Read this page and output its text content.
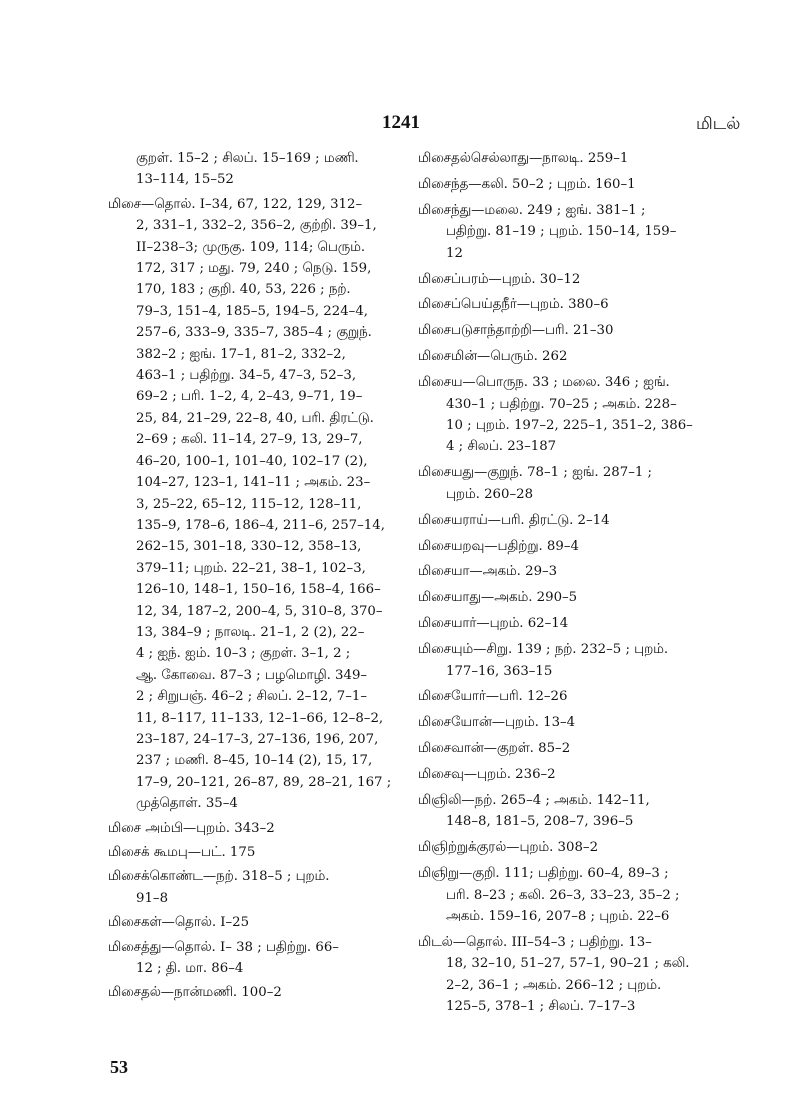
1241	மிடல்
குறள். 15–2 ; சிலப். 15–169 ; மணி.
13–114, 15–52
மிசை—தொல். I–34, 67, 122, 129, 312–
2, 331–1, 332–2, 356–2, குற்றி. 39–1,
II–238–3; முருகு. 109, 114; பெரும்.
172, 317 ; மது. 79, 240 ; நெடு. 159,
170, 183 ; குறி. 40, 53, 226 ; நற்.
79–3, 151–4, 185–5, 194–5, 224–4,
257–6, 333–9, 335–7, 385–4 ; குறுந்.
382–2 ; ஐங். 17–1, 81–2, 332–2,
463–1 ; பதிற்று. 34–5, 47–3, 52–3,
69–2 ; பரி. 1–2, 4, 2–43, 9–71, 19–
25, 84, 21–29, 22–8, 40, பரி. திரட்டு.
2–69 ; கலி. 11–14, 27–9, 13, 29–7,
46–20, 100–1, 101–40, 102–17 (2),
104–27, 123–1, 141–11 ; அகம். 23–
3, 25–22, 65–12, 115–12, 128–11,
135–9, 178–6, 186–4, 211–6, 257–14,
262–15, 301–18, 330–12, 358–13,
379–11; புறம். 22–21, 38–1, 102–3,
126–10, 148–1, 150–16, 158–4, 166–
12, 34, 187–2, 200–4, 5, 310–8, 370–
13, 384–9 ; நாலடி. 21–1, 2 (2), 22–
4 ; ஐந். ஐம். 10–3 ; குறள். 3–1, 2 ;
ஆ. கோவை. 87–3 ; பழமொழி. 349–
2 ; சிறுபஞ். 46–2 ; சிலப். 2–12, 7–1–
11, 8–117, 11–133, 12–1–66, 12–8–2,
23–187, 24–17–3, 27–136, 196, 207,
237 ; மணி. 8–45, 10–14 (2), 15, 17,
17–9, 20–121, 26–87, 89, 28–21, 167 ;
முத்தொள். 35–4
மிசை அம்பி—புறம். 343–2
மிசைக் கூமபு—பட். 175
மிசைக்கொண்ட—நற். 318–5 ; புறம்.
91–8
மிசைகள்—தொல். I–25
மிசைத்து—தொல். I– 38 ; பதிற்று. 66–
12 ; தி. மா. 86–4
மிசைதல்—நான்மணி. 100–2
மிசைதல்செல்லாது—நாலடி. 259–1
மிசைந்த—கலி. 50–2 ; புறம். 160–1
மிசைந்து—மலை. 249 ; ஐங். 381–1 ;
பதிற்று. 81–19 ; புறம். 150–14, 159–
12
மிசைப்பரம்—புறம். 30–12
மிசைப்பெய்தநீர்—புறம். 380–6
மிசைபடுசாந்தாற்றி—பரி. 21–30
மிசைமின்—பெரும். 262
மிசைய—பொருந. 33 ; மலை. 346 ; ஐங்.
430–1 ; பதிற்று. 70–25 ; அகம். 228–
10 ; புறம். 197–2, 225–1, 351–2, 386–
4 ; சிலப். 23–187
மிசையது—குறுந். 78–1 ; ஐங். 287–1 ;
புறம். 260–28
மிசையராய்—பரி. திரட்டு. 2–14
மிசையறவு—பதிற்று. 89–4
மிசையா—அகம். 29–3
மிசையாது—அகம். 290–5
மிசையார்—புறம். 62–14
மிசையும்—சிறு. 139 ; நற். 232–5 ; புறம்.
177–16, 363–15
மிசையோர்—பரி. 12–26
மிசையோன்—புறம். 13–4
மிசைவான்—குறள். 85–2
மிசைவு—புறம். 236–2
மிஞிலி—நற். 265–4 ; அகம். 142–11,
148–8, 181–5, 208–7, 396–5
மிஞிற்றுக்குரல்—புறம். 308–2
மிஞிறு—குறி. 111; பதிற்று. 60–4, 89–3 ;
பரி. 8–23 ; கலி. 26–3, 33–23, 35–2 ;
அகம். 159–16, 207–8 ; புறம். 22–6
மிடல்—தொல். III–54–3 ; பதிற்று. 13–
18, 32–10, 51–27, 57–1, 90–21 ; கலி.
2–2, 36–1 ; அகம். 266–12 ; புறம்.
125–5, 378–1 ; சிலப். 7–17–3
53
